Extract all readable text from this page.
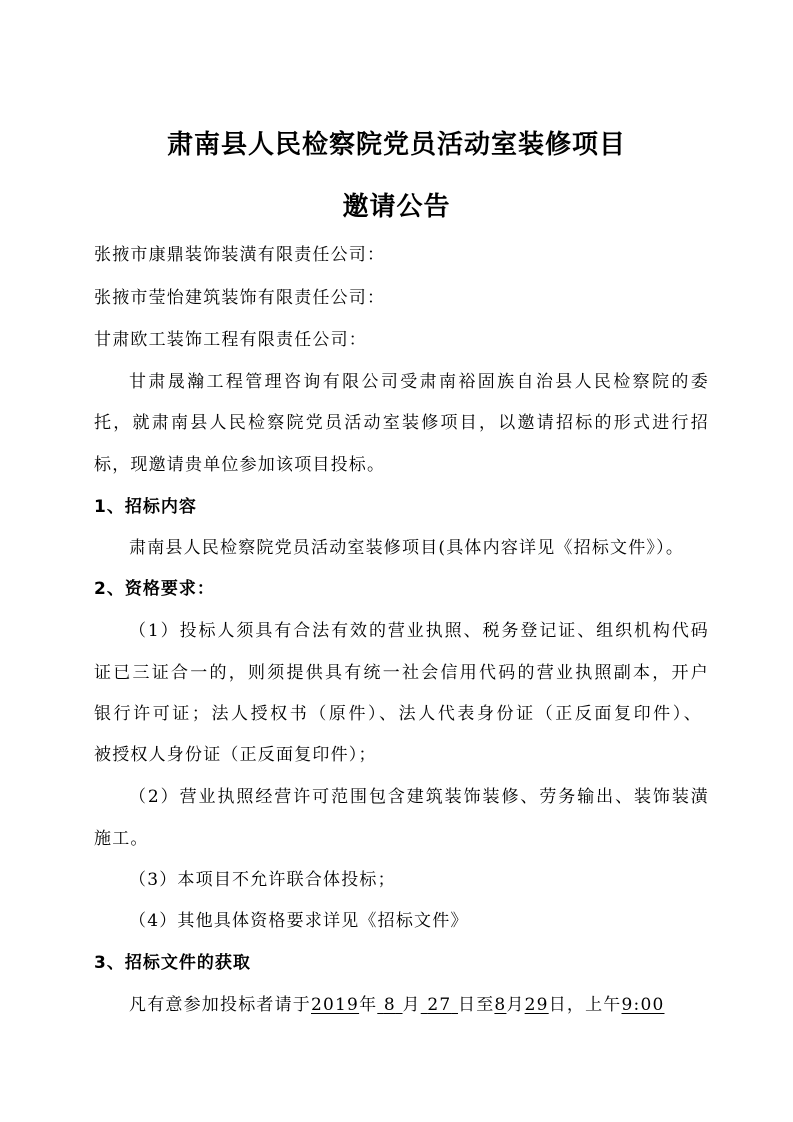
肃南县人民检察院党员活动室装修项目
邀请公告
张掖市康鼎装饰装潢有限责任公司：
张掖市莹怡建筑装饰有限责任公司：
甘肃欧工装饰工程有限责任公司：
甘肃晟瀚工程管理咨询有限公司受肃南裕固族自治县人民检察院的委
托，就肃南县人民检察院党员活动室装修项目，以邀请招标的形式进行招
标，现邀请贵单位参加该项目投标。
1、招标内容
肃南县人民检察院党员活动室装修项目(具体内容详见《招标文件》）。
2、资格要求：
（1）投标人须具有合法有效的营业执照、税务登记证、组织机构代码
证已三证合一的，则须提供具有统一社会信用代码的营业执照副本，开户
银行许可证；法人授权书（原件）、法人代表身份证（正反面复印件）、
被授权人身份证（正反面复印件）；
（2）营业执照经营许可范围包含建筑装饰装修、劳务输出、装饰装潢
施工。
（3）本项目不允许联合体投标；
（4）其他具体资格要求详见《招标文件》
3、招标文件的获取
凡有意参加投标者请于2019年 8 月 27 日至8月29日，上午9:00
